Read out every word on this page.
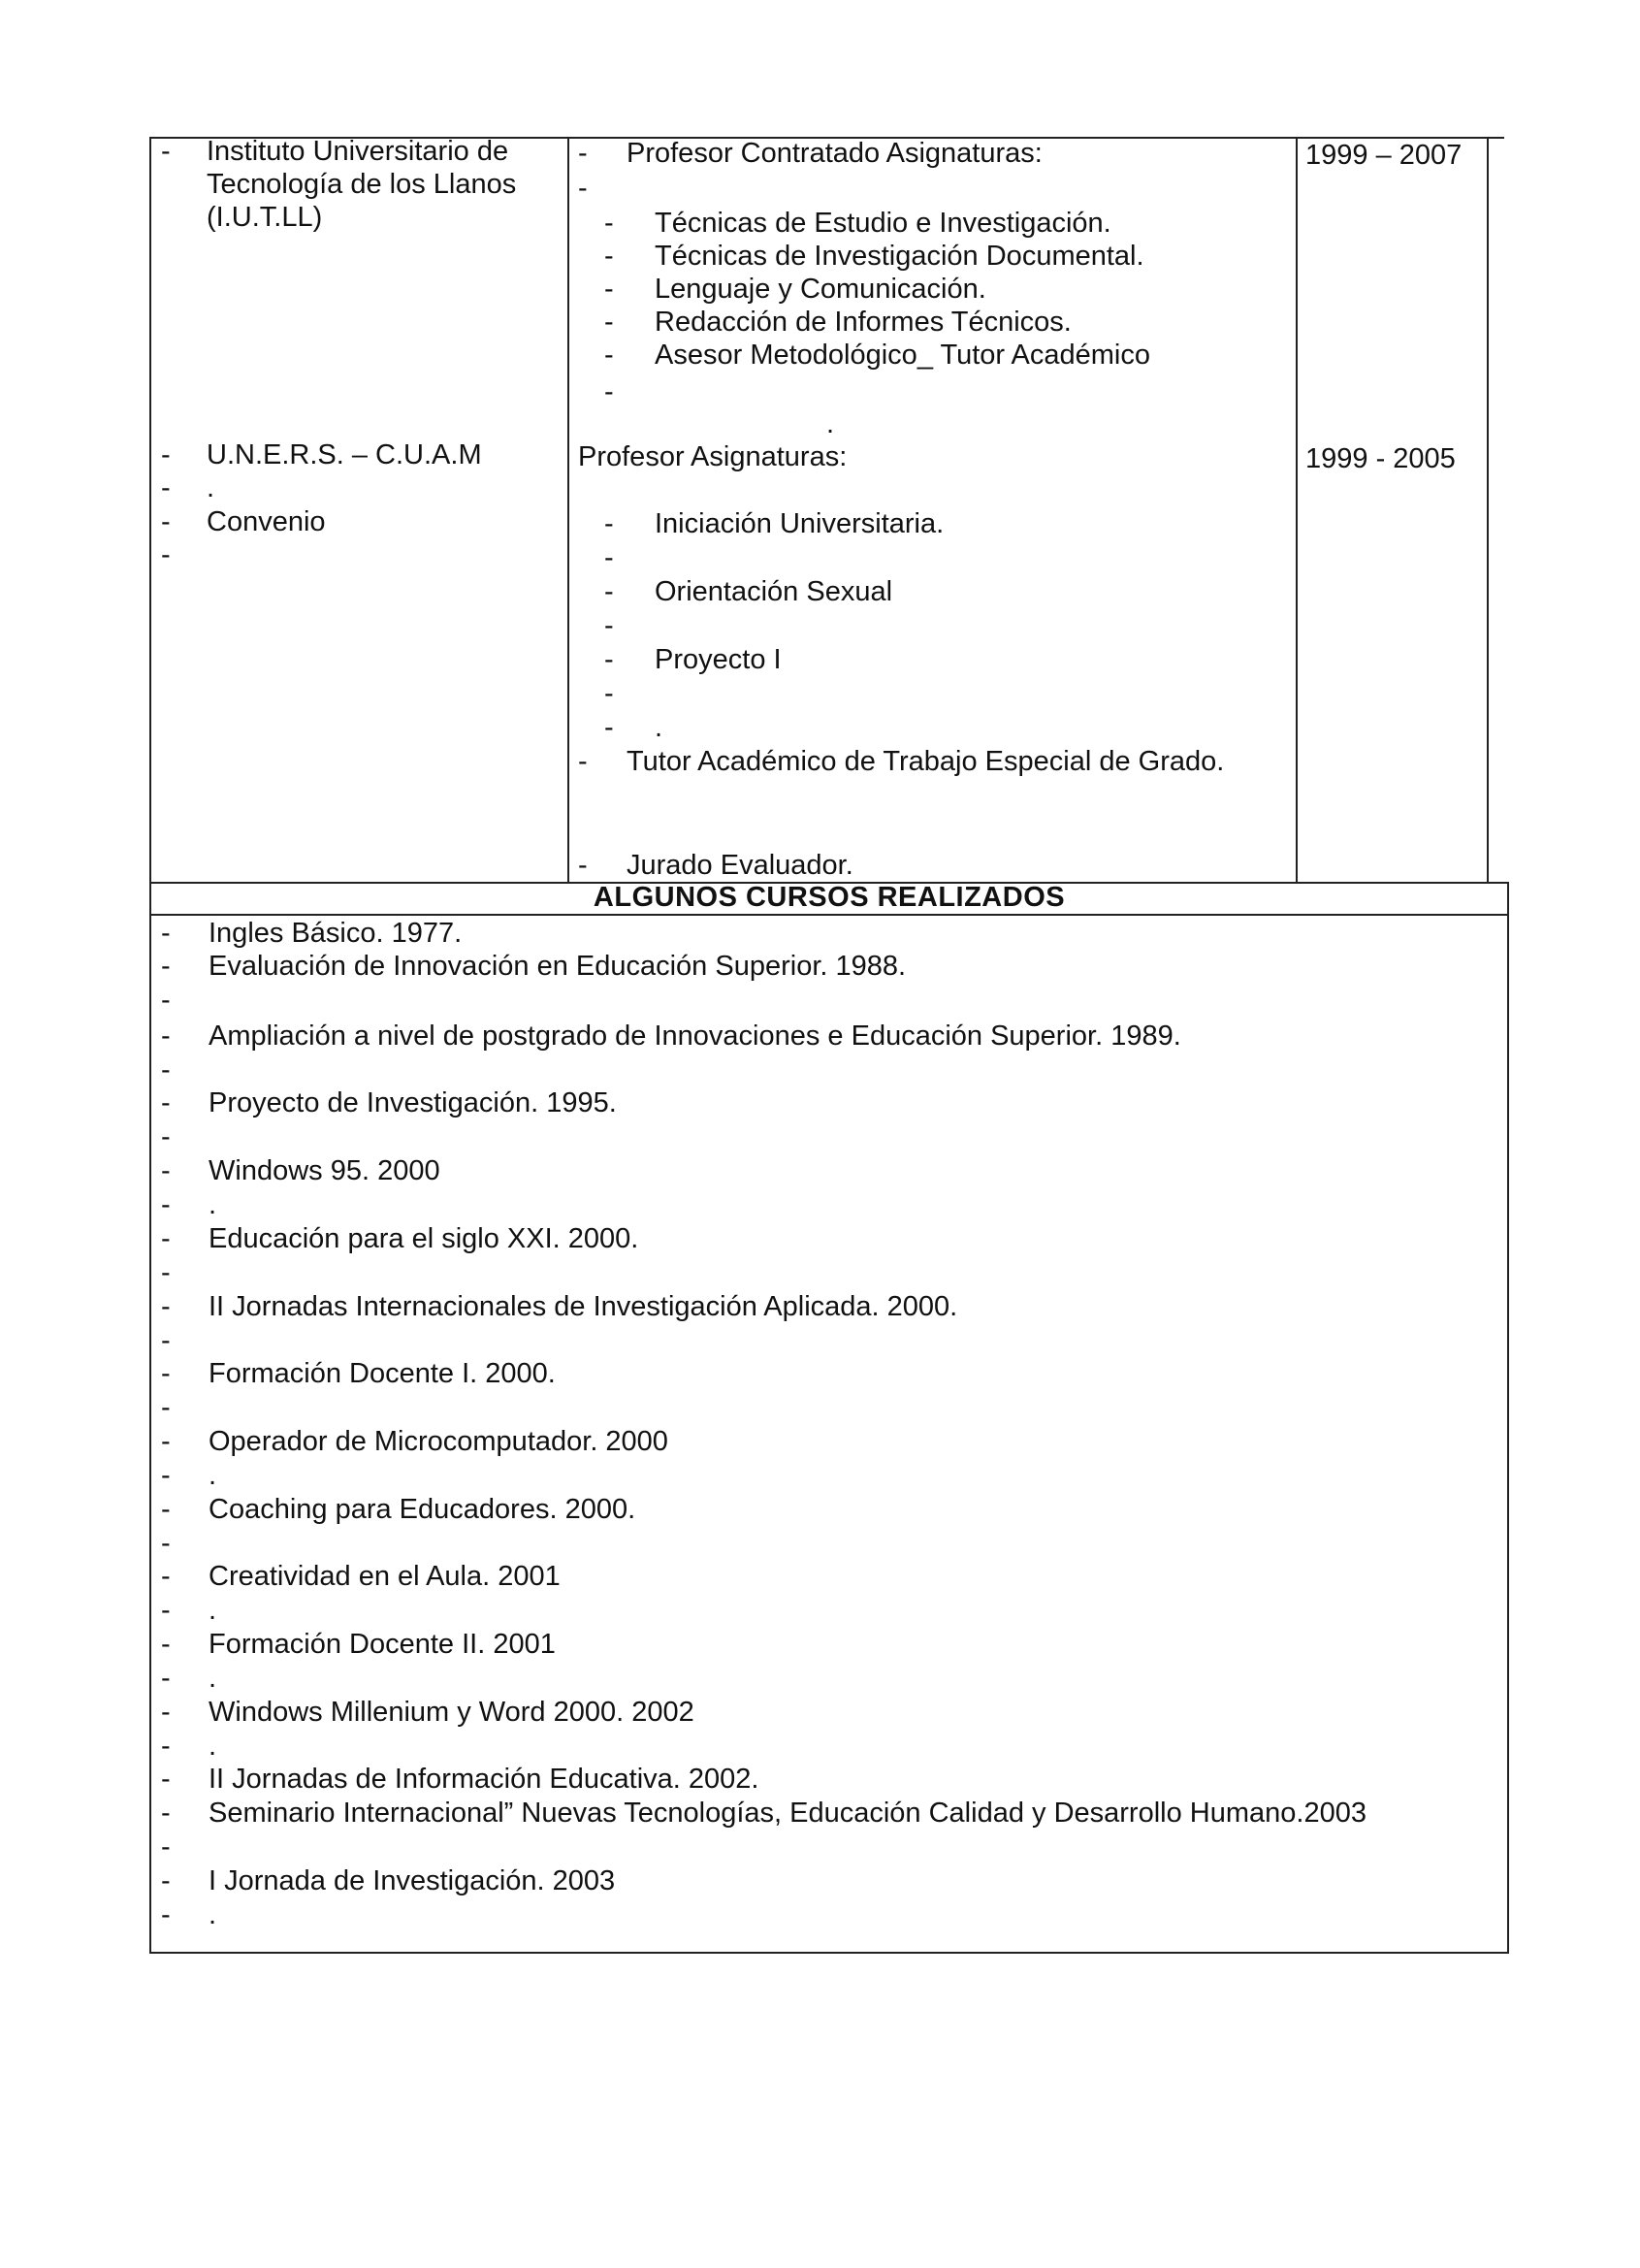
- Instituto Universitario de
Tecnología de los Llanos
(I.U.T.LL)
- Profesor Contratado Asignaturas:
-
- Técnicas de Estudio e Investigación.
- Técnicas de Investigación Documental.
- Lenguaje y Comunicación.
- Redacción de Informes Técnicos.
- Asesor Metodológico_ Tutor Académico
-
.
1999 – 2007
- U.N.E.R.S. – C.U.A.M
- .
- Convenio
-
Profesor Asignaturas:
- Iniciación Universitaria.
-
- Orientación Sexual
-
- Proyecto I
-
- .
- Tutor Académico de Trabajo Especial de Grado.
- Jurado Evaluador.
1999 - 2005
ALGUNOS CURSOS REALIZADOS
- Ingles Básico. 1977.
- Evaluación de Innovación en Educación Superior. 1988.
-
- Ampliación a nivel de postgrado de Innovaciones e Educación Superior. 1989.
-
- Proyecto de Investigación. 1995.
-
- Windows 95. 2000
- .
- Educación para el siglo XXI. 2000.
-
- II Jornadas Internacionales de Investigación Aplicada. 2000.
-
- Formación Docente I. 2000.
-
- Operador de Microcomputador. 2000
- .
- Coaching para Educadores. 2000.
-
- Creatividad en el Aula. 2001
- .
- Formación Docente II. 2001
- .
- Windows Millenium y Word 2000. 2002
- .
- II Jornadas de Información Educativa. 2002.
- Seminario Internacional” Nuevas Tecnologías, Educación Calidad y Desarrollo Humano.2003
-
- I Jornada de Investigación. 2003
- .
